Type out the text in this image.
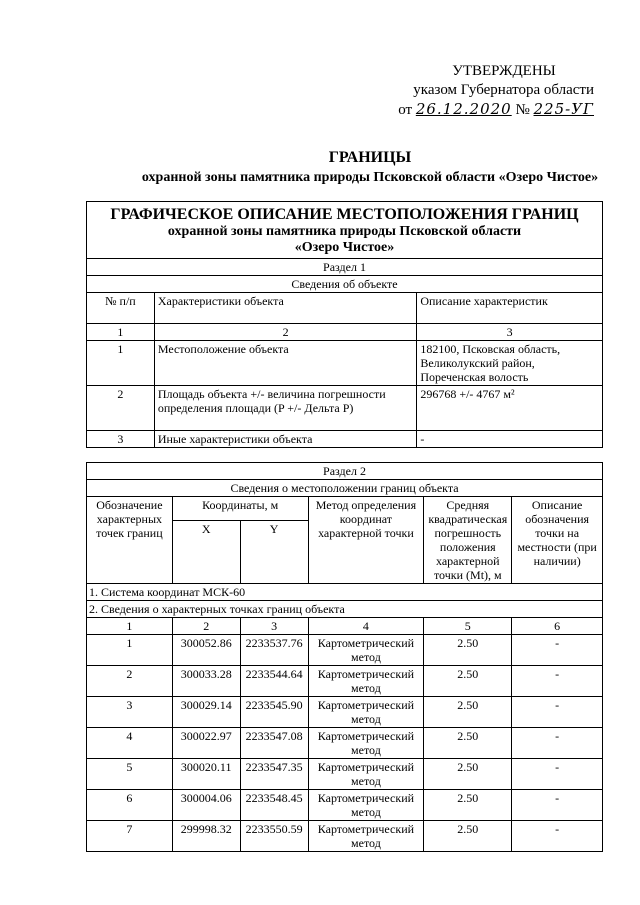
УТВЕРЖДЕНЫ
указом Губернатора области
от 26.12.2020 № 225-УГ
ГРАНИЦЫ
охранной зоны памятника природы Псковской области «Озеро Чистое»
ГРАФИЧЕСКОЕ ОПИСАНИЕ МЕСТОПОЛОЖЕНИЯ ГРАНИЦ
охранной зоны памятника природы Псковской области
«Озеро Чистое»		

Раздел 1		
Сведения об объекте		
№ п/п	Характеристики объекта	Описание характеристик
1	2	3
1	Местоположение объекта	182100, Псковская область, Великолукский район, Пореченская волость
2	Площадь объекта +/- величина погрешности определения площади (P +/- Дельта P)	296768 +/- 4767 м²
3	Иные характеристики объекта	-
Раздел 2					
Сведения о местоположении границ объекта					
Обозначение характерных точек границ	Координаты, м		Метод определения координат характерной точки	Средняя квадратическая погрешность положения характерной точки (Мt), м	Описание обозначения точки на местности (при наличии)
	X	Y			
1. Система координат МСК-60					
2. Сведения о характерных точках границ объекта					
1	2	3	4	5	6
1	300052.86	2233537.76	Картометрический метод	2.50	-
2	300033.28	2233544.64	Картометрический метод	2.50	-
3	300029.14	2233545.90	Картометрический метод	2.50	-
4	300022.97	2233547.08	Картометрический метод	2.50	-
5	300020.11	2233547.35	Картометрический метод	2.50	-
6	300004.06	2233548.45	Картометрический метод	2.50	-
7	299998.32	2233550.59	Картометрический метод	2.50	-
